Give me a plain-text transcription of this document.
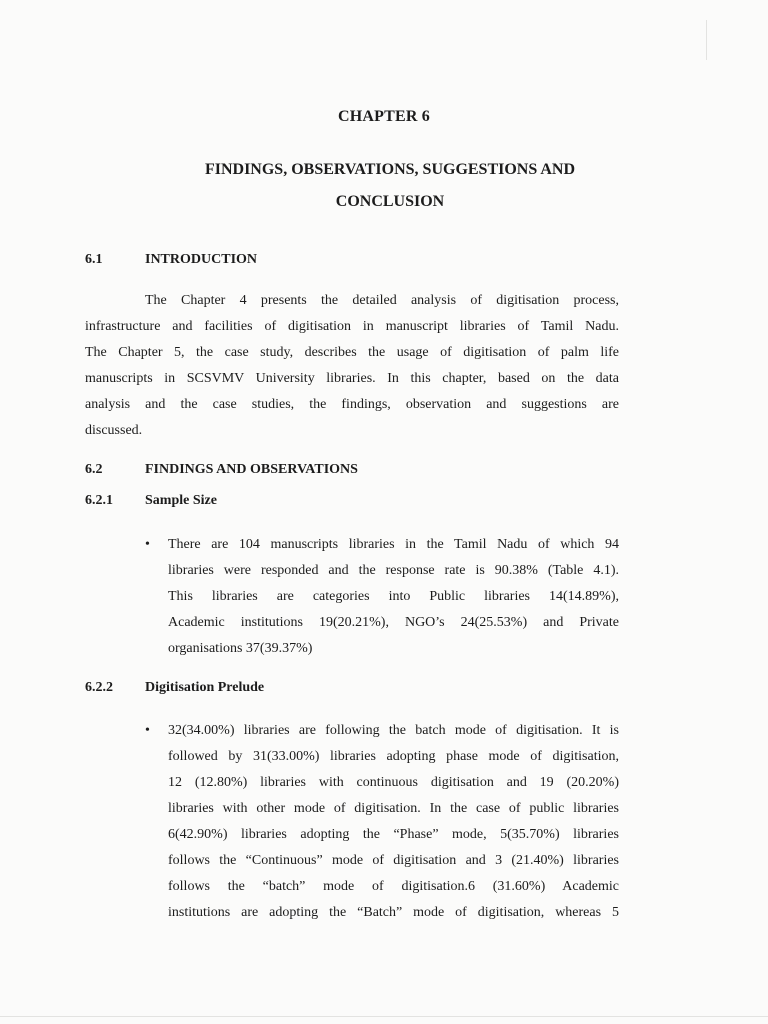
CHAPTER 6
FINDINGS, OBSERVATIONS, SUGGESTIONS AND
CONCLUSION
6.1	INTRODUCTION
The Chapter 4 presents the detailed analysis of digitisation process,
infrastructure and facilities of digitisation in manuscript libraries of Tamil Nadu.
The Chapter 5, the case study, describes the usage of digitisation of palm life
manuscripts in SCSVMV University libraries. In this chapter, based on the data
analysis and the case studies, the findings, observation and suggestions are
discussed.
6.2	FINDINGS AND OBSERVATIONS
6.2.1 Sample Size
• There are 104 manuscripts libraries in the Tamil Nadu of which 94
libraries were responded and the response rate is 90.38% (Table 4.1).
This libraries are categories into Public libraries 14(14.89%),
Academic institutions 19(20.21%), NGO’s 24(25.53%) and Private
organisations 37(39.37%)
6.2.2 Digitisation Prelude
• 32(34.00%) libraries are following the batch mode of digitisation. It is
followed by 31(33.00%) libraries adopting phase mode of digitisation,
12 (12.80%) libraries with continuous digitisation and 19 (20.20%)
libraries with other mode of digitisation. In the case of public libraries
6(42.90%) libraries adopting the “Phase” mode, 5(35.70%) libraries
follows the “Continuous” mode of digitisation and 3 (21.40%) libraries
follows the “batch” mode of digitisation.6 (31.60%) Academic
institutions are adopting the “Batch” mode of digitisation, whereas 5
